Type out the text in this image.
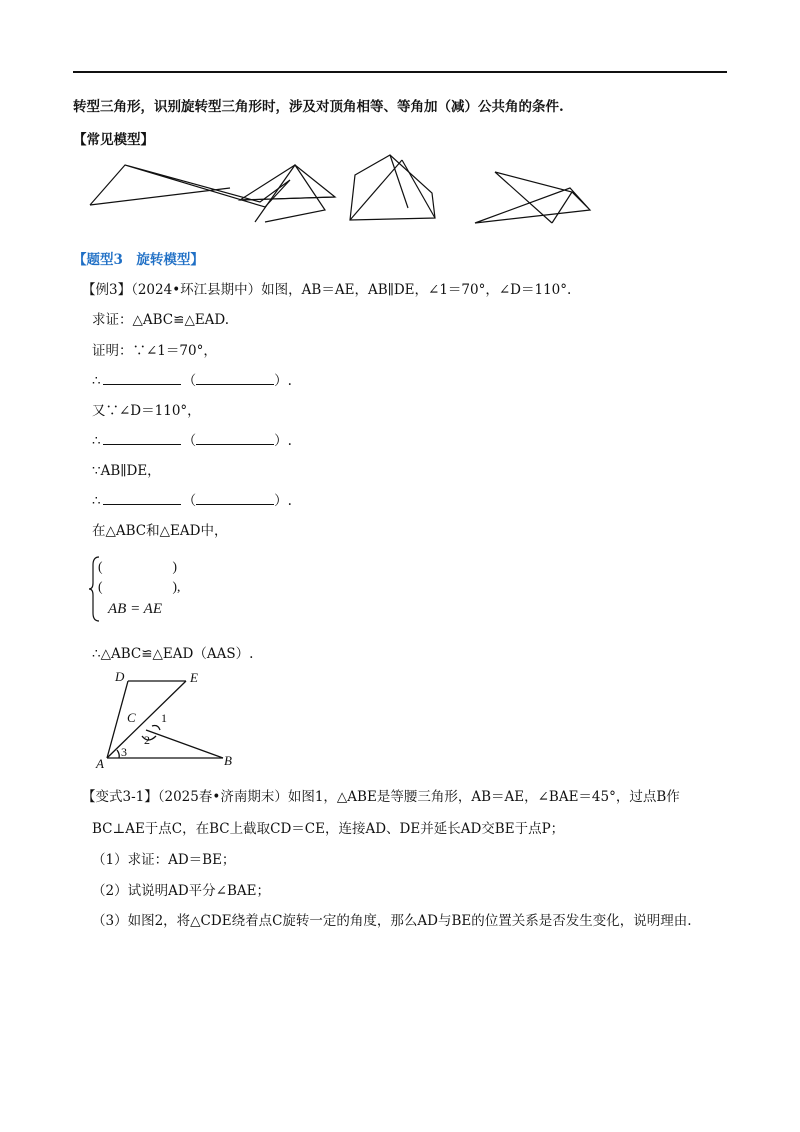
转型三角形，识别旋转型三角形时，涉及对顶角相等、等角加（减）公共角的条件.
【常见模型】
【题型3　旋转模型】
【例3】（2024•环江县期中）如图，AB＝AE，AB∥DE，∠1＝70°，∠D＝110°.
求证：△ABC≌△EAD.
证明：∵∠1＝70°，
∴	（	）.
又∵∠D＝110°，
∴	（	）.
∵AB∥DE，
∴	（	）.
在△ABC和△EAD中，
(	)
(	),
AB = AE
∴△ABC≌△EAD（AAS）.
D	E
C
A	B
1
2
3
【变式3-1】（2025春•济南期末）如图1，△ABE是等腰三角形，AB＝AE，∠BAE＝45°，过点B作
BC⊥AE于点C，在BC上截取CD＝CE，连接AD、DE并延长AD交BE于点P；
（1）求证：AD＝BE；
（2）试说明AD平分∠BAE；
（3）如图2，将△CDE绕着点C旋转一定的角度，那么AD与BE的位置关系是否发生变化，说明理由.
